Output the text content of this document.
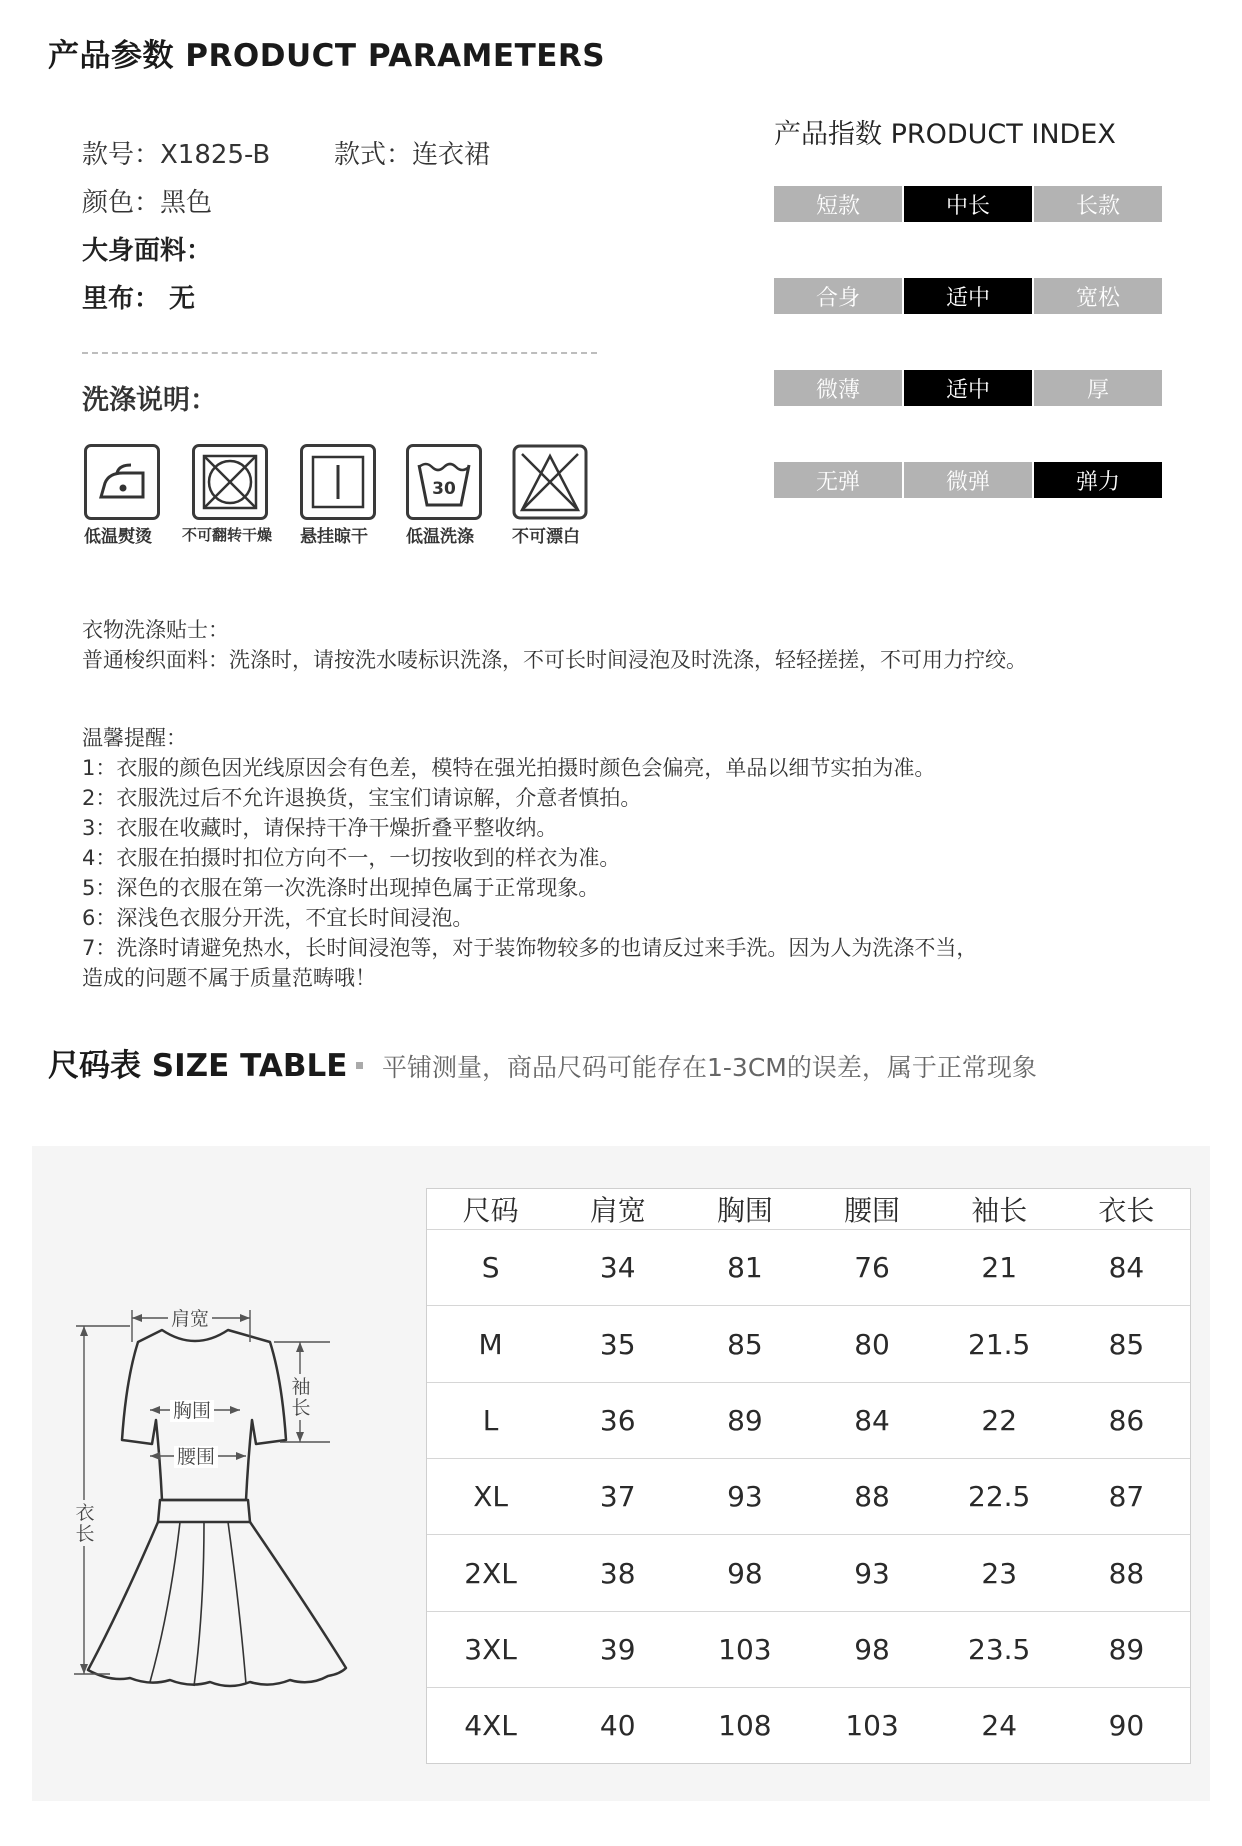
产品参数 PRODUCT PARAMETERS
款号：X1825-B 款式：连衣裙
颜色：黑色
大身面料：
里布： 无
洗涤说明：
30
低温熨烫 不可翻转干燥 悬挂晾干 低温洗涤 不可漂白
产品指数 PRODUCT INDEX
短款	中长	长款
合身	适中	宽松
微薄	适中	厚
无弹	微弹	弹力
衣物洗涤贴士：
普通梭织面料：洗涤时，请按洗水唛标识洗涤，不可长时间浸泡及时洗涤，轻轻搓搓，不可用力拧绞。
温馨提醒：
1：衣服的颜色因光线原因会有色差，模特在强光拍摄时颜色会偏亮，单品以细节实拍为准。
2：衣服洗过后不允许退换货，宝宝们请谅解，介意者慎拍。
3：衣服在收藏时，请保持干净干燥折叠平整收纳。
4：衣服在拍摄时扣位方向不一，一切按收到的样衣为准。
5：深色的衣服在第一次洗涤时出现掉色属于正常现象。
6：深浅色衣服分开洗，不宜长时间浸泡。
7：洗涤时请避免热水，长时间浸泡等，对于装饰物较多的也请反过来手洗。因为人为洗涤不当，
造成的问题不属于质量范畴哦！
尺码表 SIZE TABLE 平铺测量，商品尺码可能存在1-3CM的误差，属于正常现象
肩宽
胸围
腰围
袖长
衣长
尺码	肩宽	胸围	腰围	袖长	衣长
S	34	81	76	21	84
M	35	85	80	21.5	85
L	36	89	84	22	86
XL	37	93	88	22.5	87
2XL	38	98	93	23	88
3XL	39	103	98	23.5	89
4XL	40	108	103	24	90
